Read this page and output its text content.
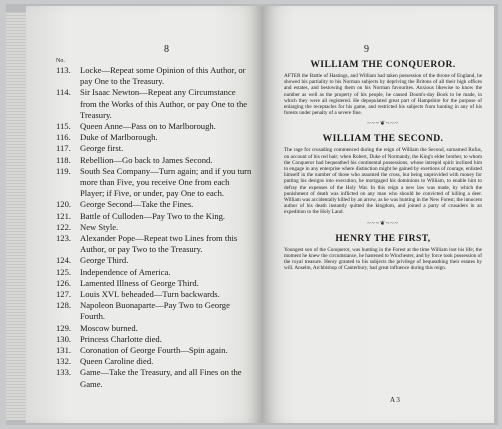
8
No.
113.	Locke—Repeat some Opinion of this Author, or pay One to the Treasury.
114.	Sir Isaac Newton—Repeat any Circumstance from the Works of this Author, or pay One to the Treasury.
115.	Queen Anne—Pass on to Marlborough.
116.	Duke of Marlborough.
117.	George first.
118.	Rebellion—Go back to James Second.
119.	South Sea Company—Turn again; and if you turn more than Five, you receive One from each Player; if Five, or under, pay One to each.
120.	George Second—Take the Fines.
121.	Battle of Culloden—Pay Two to the King.
122.	New Style.
123.	Alexander Pope—Repeat two Lines from this Author, or pay Two to the Treasury.
124.	George Third.
125.	Independence of America.
126.	Lamented Illness of George Third.
127.	Louis XVI. beheaded—Turn backwards.
128.	Napoleon Buonaparte—Pay Two to George Fourth.
129.	Moscow burned.
130.	Princess Charlotte died.
131.	Coronation of George Fourth—Spin again.
132.	Queen Caroline died.
133.	Game—Take the Treasury, and all Fines on the Game.
9
WILLIAM THE CONQUEROR.
AFTER the Battle of Hastings, and William had taken possession of the throne of England, he showed his partiality to his Norman subjects by depriving the Britons of all their high offices and estates, and bestowing them on his Norman favourites. Anxious likewise to know the number as well as the property of his people, he caused Doom's-day Book to be made, in which they were all registered. He depopulated great part of Hampshire for the purpose of enlarging the receptacles for his game, and restricted his subjects from hunting in any of his forests under penalty of a severe fine.
~~~❦~~~
WILLIAM THE SECOND.
The rage for crusading commenced during the reign of William the Second, surnamed Rufus, on account of his red hair; when Robert, Duke of Normandy, the King's elder brother, to whom the Conqueror had bequeathed his continental possessions, whose intrepid spirit inclined him to engage in any enterprise where distinction might be gained by exertions of courage, enlisted himself in the number of those who assumed the cross, but being unprovided with money for putting his designs into execution, he mortgaged his dominions to William, to enable him to defray the expenses of the Holy War. In this reign a new law was made, by which the punishment of death was inflicted on any man who should be convicted of killing a deer. William was accidentally killed by an arrow, as he was hunting in the New Forest; the innocent author of his death instantly quitted the kingdom, and joined a party of crusaders in an expedition to the Holy Land.
~~~❦~~~
HENRY THE FIRST,
Youngest son of the Conqueror, was hunting in the Forest at the time William lost his life; the moment he knew the circumstance, he hastened to Winchester, and by force took possession of the royal treasure. Henry granted to his subjects the privilege of bequeathing their estates by will. Anselm, Archbishop of Canterbury, had great influence during this reign.
A 3
